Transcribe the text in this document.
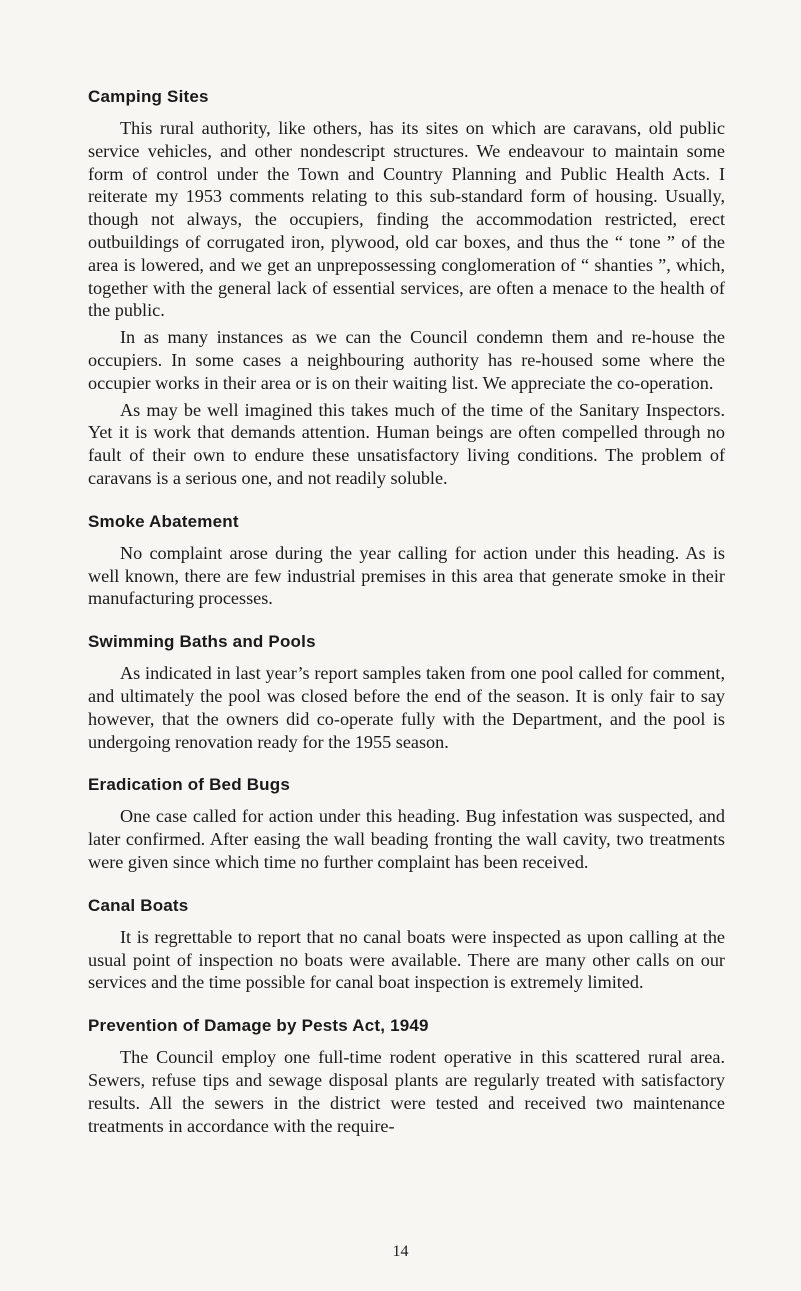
Camping Sites

This rural authority, like others, has its sites on which are caravans, old public service vehicles, and other nondescript structures. We endeavour to maintain some form of control under the Town and Country Planning and Public Health Acts. I reiterate my 1953 comments relating to this sub-standard form of housing. Usually, though not always, the occupiers, finding the accommodation restricted, erect outbuildings of corrugated iron, plywood, old car boxes, and thus the “ tone ” of the area is lowered, and we get an unprepossessing conglomeration of “ shanties ”, which, together with the general lack of essential services, are often a menace to the health of the public.

In as many instances as we can the Council condemn them and re-house the occupiers. In some cases a neighbouring authority has re-housed some where the occupier works in their area or is on their waiting list. We appreciate the co-operation.

As may be well imagined this takes much of the time of the Sanitary Inspectors. Yet it is work that demands attention. Human beings are often compelled through no fault of their own to endure these unsatisfactory living conditions. The problem of caravans is a serious one, and not readily soluble.

Smoke Abatement

No complaint arose during the year calling for action under this heading. As is well known, there are few industrial premises in this area that generate smoke in their manufacturing processes.

Swimming Baths and Pools

As indicated in last year’s report samples taken from one pool called for comment, and ultimately the pool was closed before the end of the season. It is only fair to say however, that the owners did co-operate fully with the Department, and the pool is undergoing renovation ready for the 1955 season.

Eradication of Bed Bugs

One case called for action under this heading. Bug infestation was suspected, and later confirmed. After easing the wall beading fronting the wall cavity, two treatments were given since which time no further complaint has been received.

Canal Boats

It is regrettable to report that no canal boats were inspected as upon calling at the usual point of inspection no boats were available. There are many other calls on our services and the time possible for canal boat inspection is extremely limited.

Prevention of Damage by Pests Act, 1949

The Council employ one full-time rodent operative in this scattered rural area. Sewers, refuse tips and sewage disposal plants are regularly treated with satisfactory results. All the sewers in the district were tested and received two maintenance treatments in accordance with the require-

14
